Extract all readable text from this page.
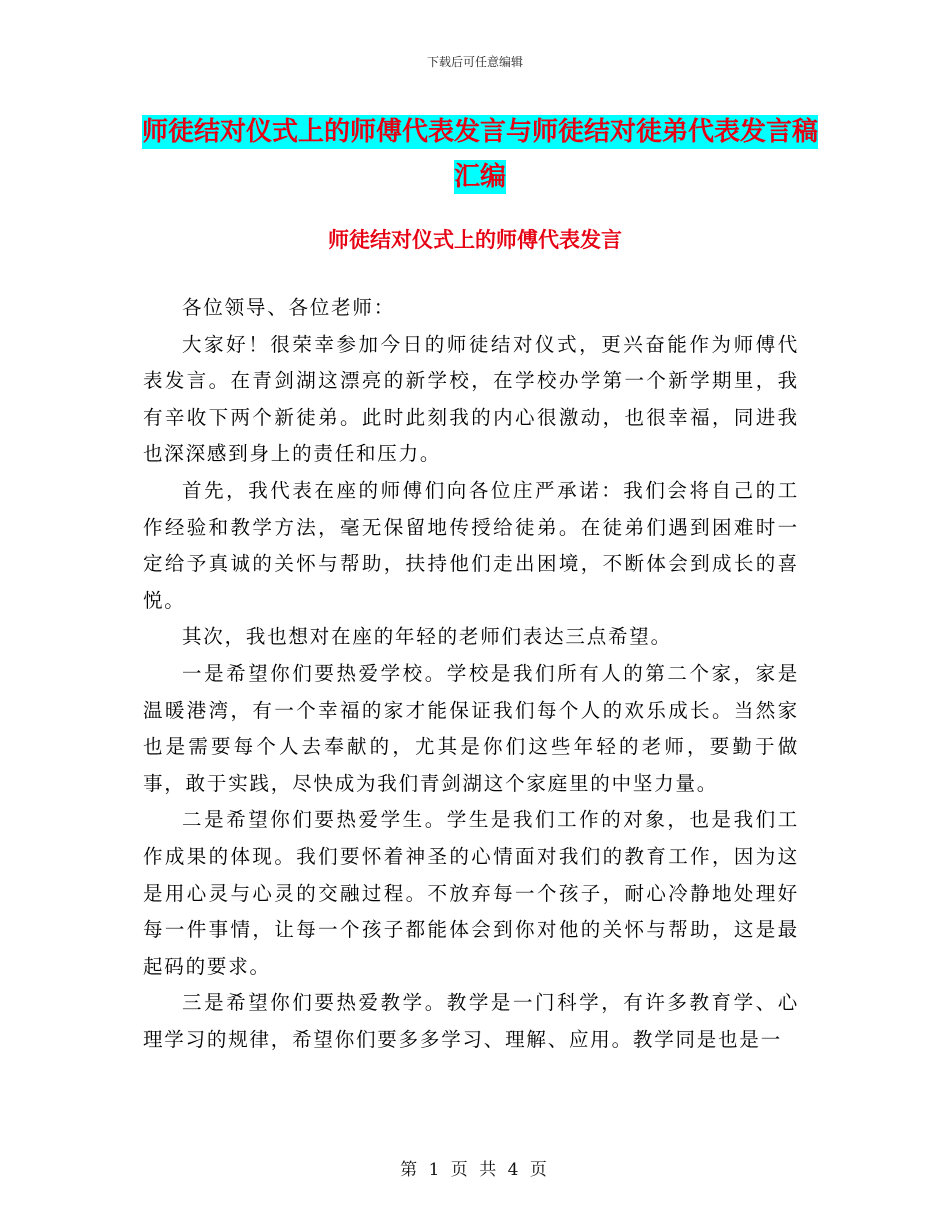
下载后可任意编辑
师徒结对仪式上的师傅代表发言与师徒结对徒弟代表发言稿汇编
师徒结对仪式上的师傅代表发言

各位领导、各位老师：

大家好！很荣幸参加今日的师徒结对仪式，更兴奋能作为师傅代表发言。在青剑湖这漂亮的新学校，在学校办学第一个新学期里，我有辛收下两个新徒弟。此时此刻我的内心很激动，也很幸福，同进我也深深感到身上的责任和压力。

首先，我代表在座的师傅们向各位庄严承诺：我们会将自己的工作经验和教学方法，毫无保留地传授给徒弟。在徒弟们遇到困难时一定给予真诚的关怀与帮助，扶持他们走出困境，不断体会到成长的喜悦。

其次，我也想对在座的年轻的老师们表达三点希望。

一是希望你们要热爱学校。学校是我们所有人的第二个家，家是温暖港湾，有一个幸福的家才能保证我们每个人的欢乐成长。当然家也是需要每个人去奉献的，尤其是你们这些年轻的老师，要勤于做事，敢于实践，尽快成为我们青剑湖这个家庭里的中坚力量。

二是希望你们要热爱学生。学生是我们工作的对象，也是我们工作成果的体现。我们要怀着神圣的心情面对我们的教育工作，因为这是用心灵与心灵的交融过程。不放弃每一个孩子，耐心冷静地处理好每一件事情，让每一个孩子都能体会到你对他的关怀与帮助，这是最起码的要求。

三是希望你们要热爱教学。教学是一门科学，有许多教育学、心理学习的规律，希望你们要多多学习、理解、应用。教学同是也是一

第 1 页 共 4 页
